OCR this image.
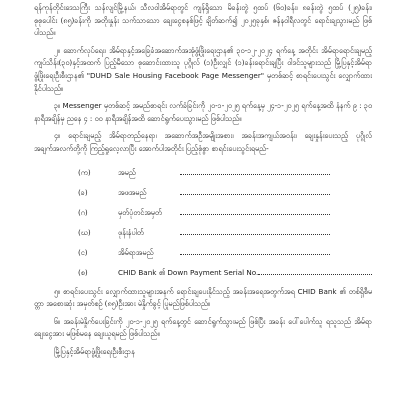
ရန်ကုန်တိုင်းဒေသကြီး သန်လျင်မြို့နယ်၊ သီလဝါအိမ်ရာတွင် ကျန်ရှိသော မိခန်းတွဲ ၅ထပ် (၆၀)ခန်း၊ ၈ခန်းတွဲ ၅ထပ် (၂၅)ခန်း၊ စုစုပေါင်း (၈၅)ခန်းကို အတိုးနှုန်း သက်သာသော ချေးငွေစနစ်ဖြင့် ချိတ်ဆက်၍ ၂၀၂၅ခုနှစ်၊ ဇန်နဝါရီလတွင် ရောင်းချသွားမည် ဖြစ်ပါသည်။

၂။ ဆောက်လုပ်ရေး၊ အိမ်ရာနှင့်အခြေခံအဆောက်အအုံဖွံ့ဖြိုးရေးဌာန၏ ၃၀-၁၂-၂၀၂၄ ရက်နေ့ အတိုင်း အိမ်ရာရောင်းချမည့် ကျပ်သိန်း(၃၀)နှင့်အထက် ပြည့်မီသော စုဆောင်းထားသူ ပုဂ္ဂိုလ် (၁)ဦးလျှင် (၁)ခန်းရောင်းချပြီး ဝါဒင်သူများသည် မြို့ပြနှင့်အိမ်ရာဖွံ့ဖြိုးရေးဦးစီးဌာန၏ "DUHD Sale Housing Facebook Page Messenger" မှတစ်ဆင့် စာရင်းပေးသွင်း လျှောက်ထားနိုင်ပါသည်။

၃။ Messenger မှတစ်ဆင့် အမည်စာရင်း လက်ခံခြင်းကို ၂၀-၁-၂၀၂၅ ရက်နေ့မှ ၂၄-၁-၂၀၂၅ ရက်နေ့အထိ နံနက် ၉ : ၃၀ နာရီအချိန်မှ ညနေ ၄ : ၀၀ နာရီအချိန်အထိ ဆောင်ရွက်ပေးသွားမည် ဖြစ်ပါသည်။

၄။ ရောင်းချမည့် အိမ်ရာတည်နေရာ၊ အဆောက်အဦအမျိုးအစား၊ အခန်းအကျယ်အဝန်း၊ ချေးနှုန်းပေးသည့် ပုဂ္ဂိုလ် အချက်အလက်တို့ကို ကြည့်ရှုလေ့လာပြီး အောက်ပါအတိုင်း ပြည့်စုံစွာ စာရင်းပေးသွင်းရမည်-

(က)	အမည်
(ခ)	အဖအမည်
(ဂ)	မှတ်ပုံတင်အမှတ်
(ဃ)	ဖုန်းနံပါတ်
(င)	အိမ်ရာအမည်
(စ)	CHID Bank ၏ Down Payment Serial No.

၅။ စာရင်းပေးသွင်း လျှောက်ထားသူများအနက် ရောင်းချပေးနိုင်သည့် အခန်းအရေအတွက်အရ CHID Bank ၏ တစ်ရှိစီမတ္တာ အစေားဆုံး အမှတ်စဉ် (၈၅)ဦးအား မဲနှိုက်ခွင့် ပြုမည်ဖြစ်ပါသည်။

၆။ အခန်းမဲနှိုက်ပေးခြင်းကို ၂၀-၁-၂၀၂၅ ရက်နေ့တွင် ဆောင်ရွက်သွားမည် ဖြစ်ပြီး အခန်း ပေါ်ပေါက်သူ ရသူသည် အိမ်ရာချေးငွေအား မဖြစ်မနေ ချေးယူရမည် ဖြစ်ပါသည်။

မြို့ပြနှင့်အိမ်ရာဖွံ့ဖြိုးရေးဦးစီးဌာန
